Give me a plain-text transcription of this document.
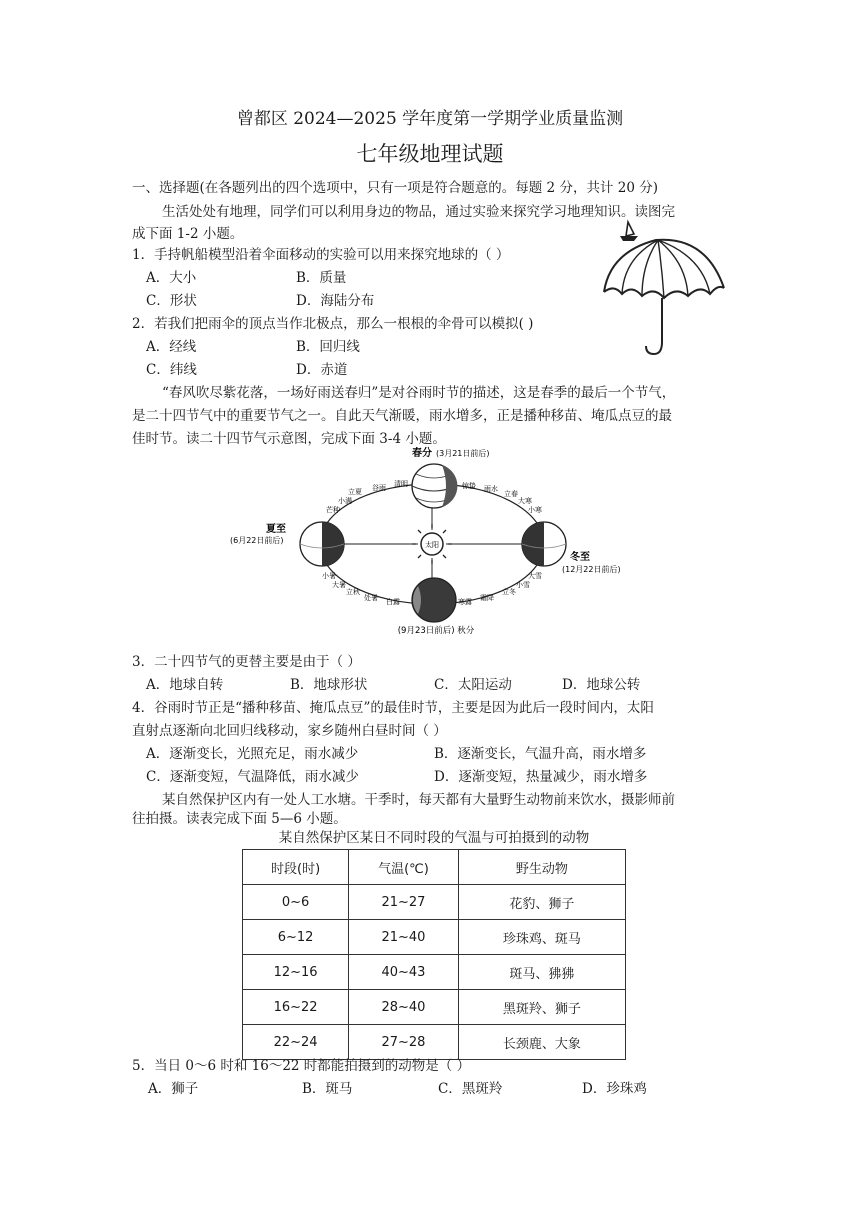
曾都区 2024—2025 学年度第一学期学业质量监测
七年级地理试题
一、选择题(在各题列出的四个选项中，只有一项是符合题意的。每题 2 分，共计 20 分)
生活处处有地理，同学们可以利用身边的物品，通过实验来探究学习地理知识。读图完
成下面 1-2 小题。
1．手持帆船模型沿着伞面移动的实验可以用来探究地球的（ ）
A．大小	B．质量
C．形状	D．海陆分布
2．若我们把雨伞的顶点当作北极点，那么一根根的伞骨可以模拟( )
A．经线	B．回归线
C．纬线	D．赤道
“春风吹尽紫花落，一场好雨送春归”是对谷雨时节的描述，这是春季的最后一个节气，
是二十四节气中的重要节气之一。自此天气渐暖，雨水增多，正是播种移苗、埯瓜点豆的最
佳时节。读二十四节气示意图，完成下面 3-4 小题。
太阳
春分 (3月21日前后)
夏至
(6月22日前后)
冬至
(12月22日前后)
(9月23日前后) 秋分
谷雨 清明
立夏
小满
芒种
惊蛰 雨水
立春
大寒
小寒
小暑
大暑
立秋
处暑 白露	寒露 霜降
立冬
小雪
大雪
3．二十四节气的更替主要是由于（ ）
A．地球自转	B．地球形状	C．太阳运动	D．地球公转
4．谷雨时节正是“播种移苗、掩瓜点豆”的最佳时节，主要是因为此后一段时间内，太阳
直射点逐渐向北回归线移动，家乡随州白昼时间（ ）
A．逐渐变长，光照充足，雨水减少	B．逐渐变长，气温升高，雨水增多
C．逐渐变短，气温降低，雨水减少	D．逐渐变短，热量减少，雨水增多
某自然保护区内有一处人工水塘。干季时，每天都有大量野生动物前来饮水，摄影师前
往拍摄。读表完成下面 5—6 小题。
某自然保护区某日不同时段的气温与可拍摄到的动物
时段(时)	气温(℃)	野生动物
0~6	21~27	花豹、狮子
6~12	21~40	珍珠鸡、斑马
12~16	40~43	斑马、狒狒
16~22	28~40	黑斑羚、狮子
22~24	27~28	长颈鹿、大象
5．当日 0～6 时和 16～22 时都能拍摄到的动物是（ ）
A．狮子	B．斑马	C．黑斑羚	D．珍珠鸡
